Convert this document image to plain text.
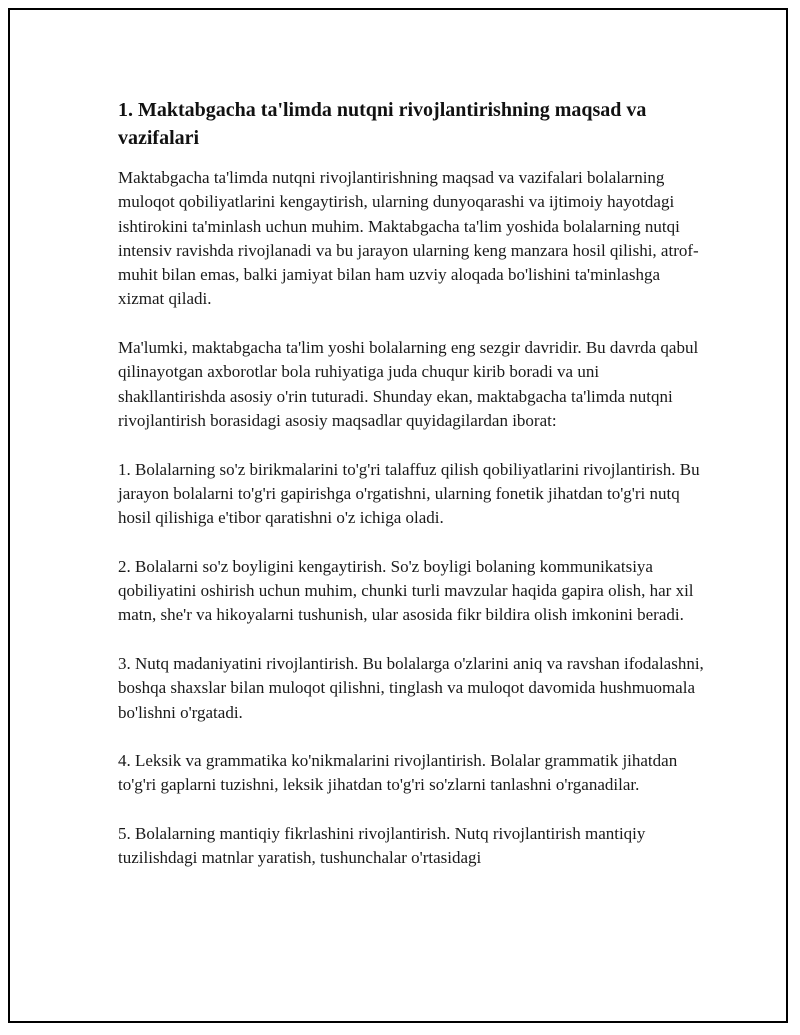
1. Maktabgacha ta'limda nutqni rivojlantirishning maqsad va vazifalari

Maktabgacha ta'limda nutqni rivojlantirishning maqsad va vazifalari bolalarning muloqot qobiliyatlarini kengaytirish, ularning dunyoqarashi va ijtimoiy hayotdagi ishtirokini ta'minlash uchun muhim. Maktabgacha ta'lim yoshida bolalarning nutqi intensiv ravishda rivojlanadi va bu jarayon ularning keng manzara hosil qilishi, atrof-muhit bilan emas, balki jamiyat bilan ham uzviy aloqada bo'lishini ta'minlashga xizmat qiladi.

Ma'lumki, maktabgacha ta'lim yoshi bolalarning eng sezgir davridir. Bu davrda qabul qilinayotgan axborotlar bola ruhiyatiga juda chuqur kirib boradi va uni shakllantirishda asosiy o'rin tuturadi. Shunday ekan, maktabgacha ta'limda nutqni rivojlantirish borasidagi asosiy maqsadlar quyidagilardan iborat:

1. Bolalarning so'z birikmalarini to'g'ri talaffuz qilish qobiliyatlarini rivojlantirish. Bu jarayon bolalarni to'g'ri gapirishga o'rgatishni, ularning fonetik jihatdan to'g'ri nutq hosil qilishiga e'tibor qaratishni o'z ichiga oladi.

2. Bolalarni so'z boyligini kengaytirish. So'z boyligi bolaning kommunikatsiya qobiliyatini oshirish uchun muhim, chunki turli mavzular haqida gapira olish, har xil matn, she'r va hikoyalarni tushunish, ular asosida fikr bildira olish imkonini beradi.

3. Nutq madaniyatini rivojlantirish. Bu bolalarga o'zlarini aniq va ravshan ifodalashni, boshqa shaxslar bilan muloqot qilishni, tinglash va muloqot davomida hushmuomala bo'lishni o'rgatadi.

4. Leksik va grammatika ko'nikmalarini rivojlantirish. Bolalar grammatik jihatdan to'g'ri gaplarni tuzishni, leksik jihatdan to'g'ri so'zlarni tanlashni o'rganadilar.

5. Bolalarning mantiqiy fikrlashini rivojlantirish. Nutq rivojlantirish mantiqiy tuzilishdagi matnlar yaratish, tushunchalar o'rtasidagi
